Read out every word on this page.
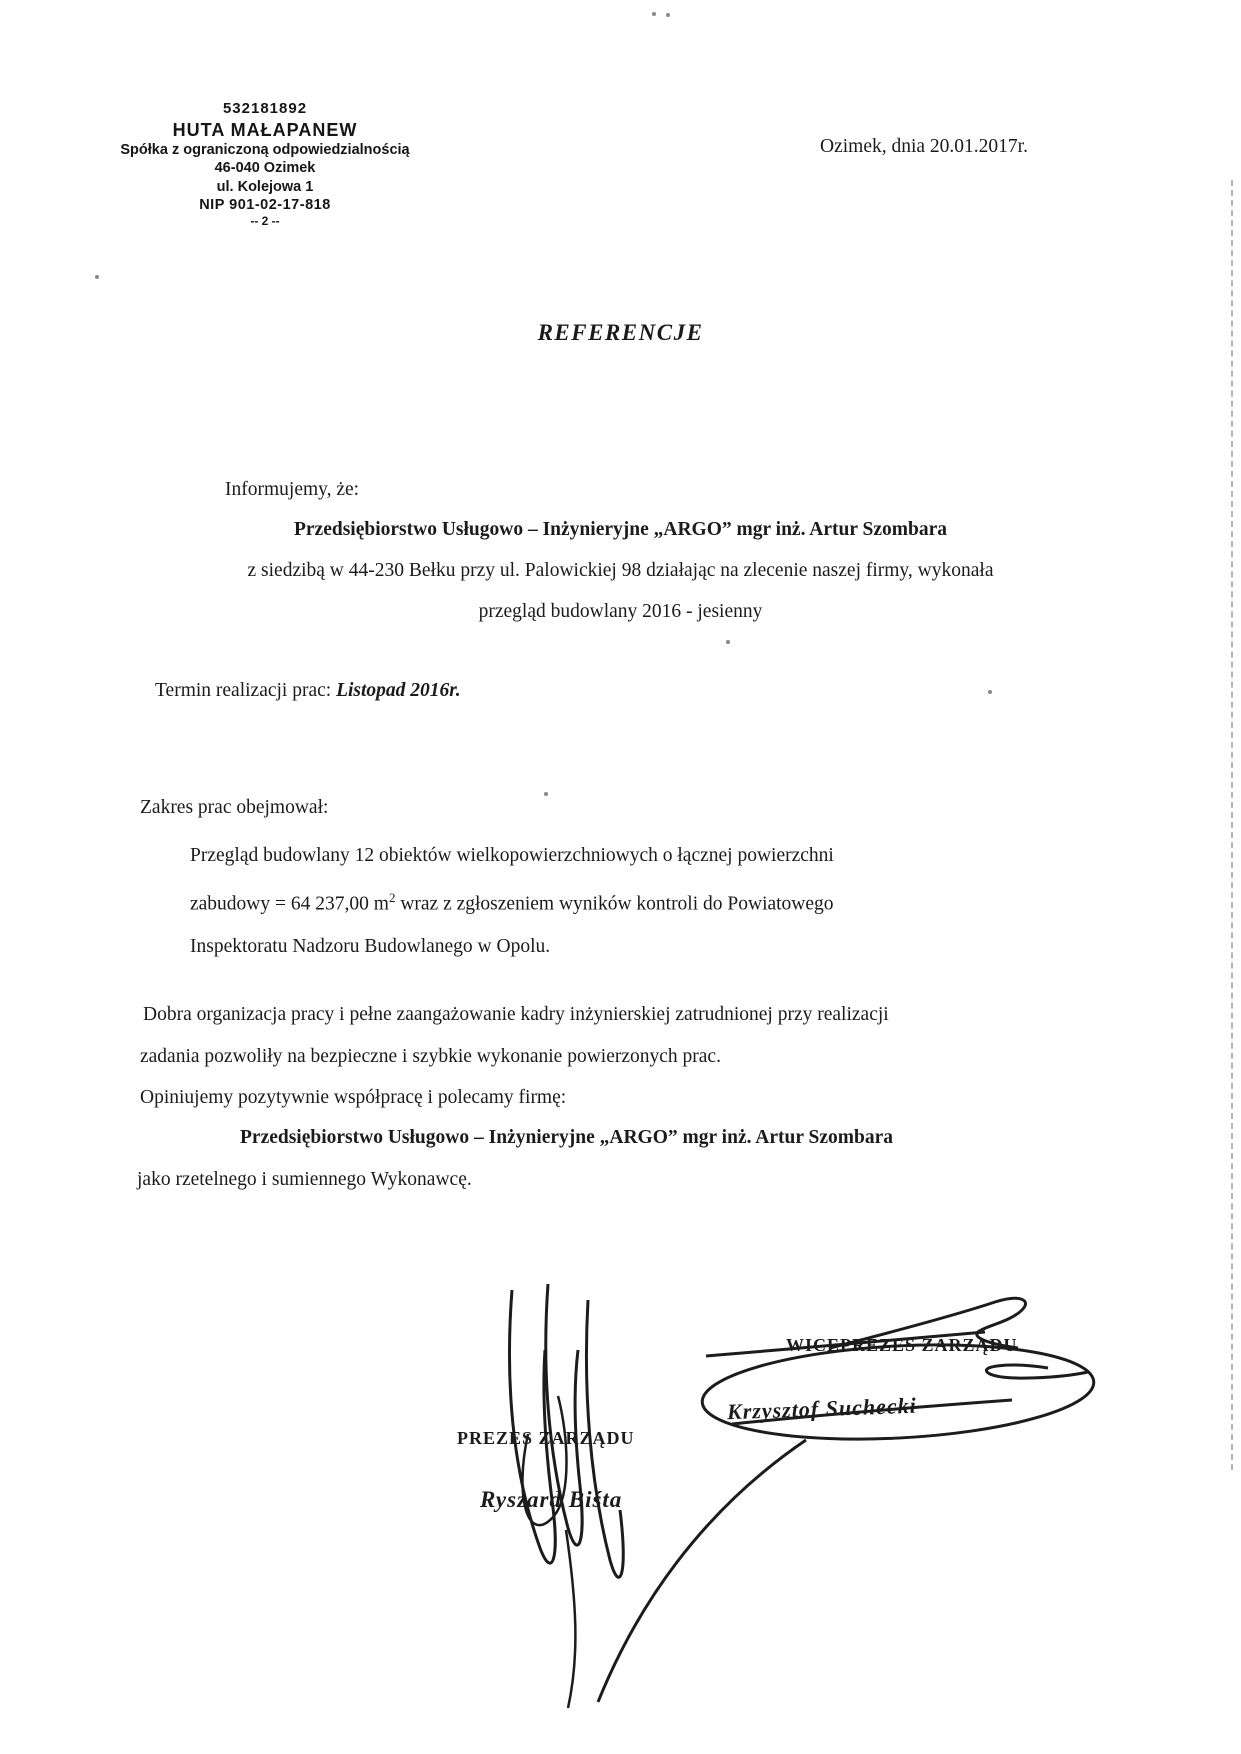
532181892
HUTA MAŁAPANEW
Spółka z ograniczoną odpowiedzialnością
46-040 Ozimek
ul. Kolejowa 1
NIP 901-02-17-818
-- 2 --
Ozimek, dnia 20.01.2017r.
REFERENCJE
Informujemy, że:
Przedsiębiorstwo Usługowo – Inżynieryjne „ARGO” mgr inż. Artur Szombara
z siedzibą w 44-230 Bełku przy ul. Palowickiej 98 działając na zlecenie naszej firmy, wykonała
przegląd budowlany 2016 - jesienny
Termin realizacji prac: Listopad 2016r.
Zakres prac obejmował:
Przegląd budowlany 12 obiektów wielkopowierzchniowych o łącznej powierzchni
zabudowy = 64 237,00 $m^2$ wraz z zgłoszeniem wyników kontroli do Powiatowego
Inspektoratu Nadzoru Budowlanego w Opolu.
Dobra organizacja pracy i pełne zaangażowanie kadry inżynierskiej zatrudnionej przy realizacji
zadania pozwoliły na bezpieczne i szybkie wykonanie powierzonych prac.
Opiniujemy pozytywnie współpracę i polecamy firmę:
Przedsiębiorstwo Usługowo – Inżynieryjne „ARGO” mgr inż. Artur Szombara
jako rzetelnego i sumiennego Wykonawcę.
WICEPREZES ZARZĄDU
Krzysztof Suchecki
PREZES ZARZĄDU
Ryszard Biśta
